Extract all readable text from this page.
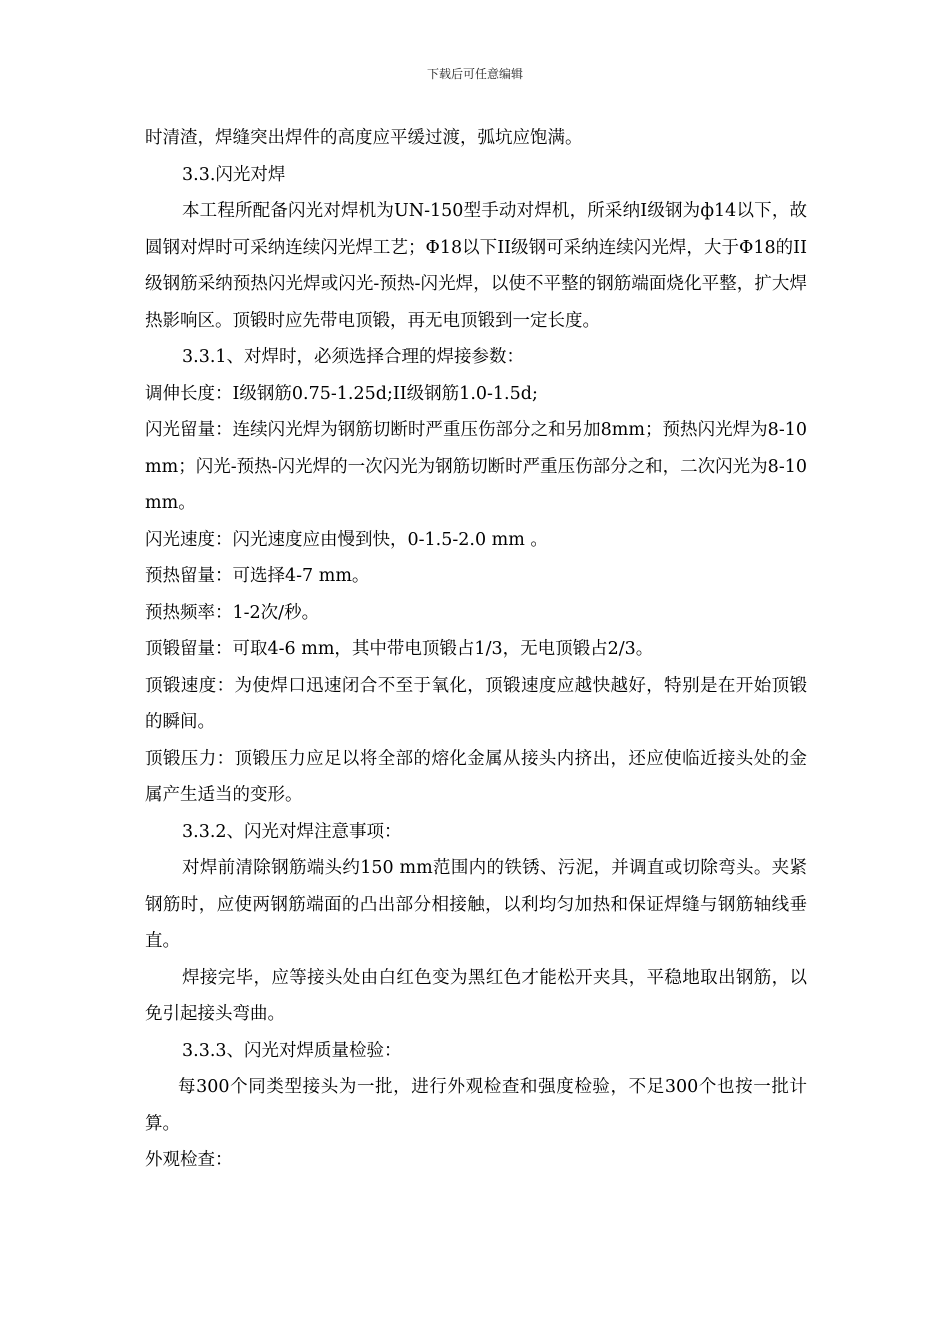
下载后可任意编辑

时清渣，焊缝突出焊件的高度应平缓过渡，弧坑应饱满。

3.3.闪光对焊

本工程所配备闪光对焊机为UN-150型手动对焊机，所采纳I级钢为ф14以下，故圆钢对焊时可采纳连续闪光焊工艺；Φ18以下II级钢可采纳连续闪光焊，大于Φ18的II级钢筋采纳预热闪光焊或闪光-预热-闪光焊，以使不平整的钢筋端面烧化平整，扩大焊热影响区。顶锻时应先带电顶锻，再无电顶锻到一定长度。

3.3.1、对焊时，必须选择合理的焊接参数：

调伸长度：I级钢筋0.75-1.25d;II级钢筋1.0-1.5d;

闪光留量：连续闪光焊为钢筋切断时严重压伤部分之和另加8mm；预热闪光焊为8-10mm；闪光-预热-闪光焊的一次闪光为钢筋切断时严重压伤部分之和，二次闪光为8-10mm。

闪光速度：闪光速度应由慢到快，0-1.5-2.0 mm 。

预热留量：可选择4-7 mm。

预热频率：1-2次/秒。

顶锻留量：可取4-6 mm，其中带电顶锻占1/3，无电顶锻占2/3。

顶锻速度：为使焊口迅速闭合不至于氧化，顶锻速度应越快越好，特别是在开始顶锻的瞬间。

顶锻压力：顶锻压力应足以将全部的熔化金属从接头内挤出，还应使临近接头处的金属产生适当的变形。

3.3.2、闪光对焊注意事项：

对焊前清除钢筋端头约150 mm范围内的铁锈、污泥，并调直或切除弯头。夹紧钢筋时，应使两钢筋端面的凸出部分相接触，以利均匀加热和保证焊缝与钢筋轴线垂直。

焊接完毕，应等接头处由白红色变为黑红色才能松开夹具，平稳地取出钢筋，以免引起接头弯曲。

3.3.3、闪光对焊质量检验：

每300个同类型接头为一批，进行外观检查和强度检验，不足300个也按一批计算。

外观检查：
